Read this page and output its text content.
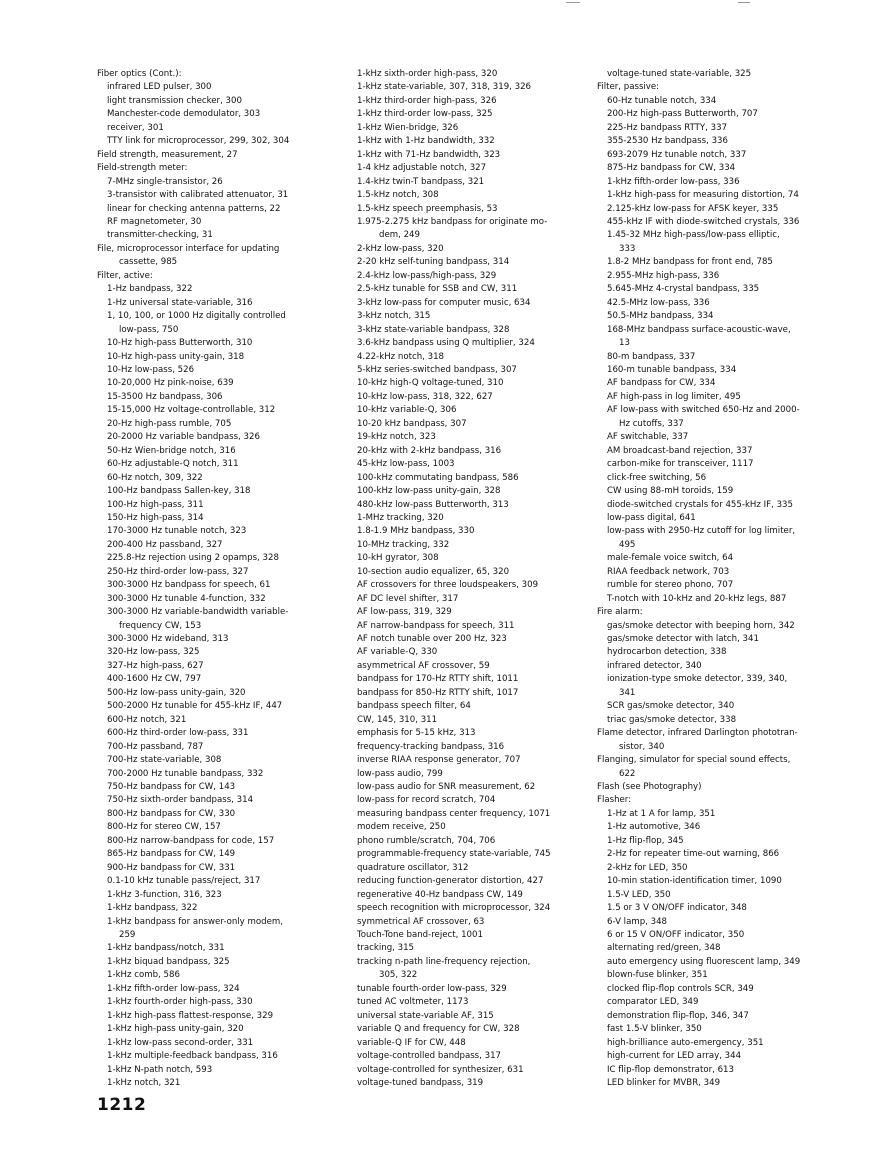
Fiber optics (Cont.):
infrared LED pulser, 300
light transmission checker, 300
Manchester-code demodulator, 303
receiver, 301
TTY link for microprocessor, 299, 302, 304
Field strength, measurement, 27
Field-strength meter:
7-MHz single-transistor, 26
3-transistor with calibrated attenuator, 31
linear for checking antenna patterns, 22
RF magnetometer, 30
transmitter-checking, 31
File, microprocessor interface for updating
cassette, 985
Filter, active:
1-Hz bandpass, 322
1-Hz universal state-variable, 316
1, 10, 100, or 1000 Hz digitally controlled
low-pass, 750
10-Hz high-pass Butterworth, 310
10-Hz high-pass unity-gain, 318
10-Hz low-pass, 526
10-20,000 Hz pink-noise, 639
15-3500 Hz bandpass, 306
15-15,000 Hz voltage-controllable, 312
20-Hz high-pass rumble, 705
20-2000 Hz variable bandpass, 326
50-Hz Wien-bridge notch, 316
60-Hz adjustable-Q notch, 311
60-Hz notch, 309, 322
100-Hz bandpass Sallen-key, 318
100-Hz high-pass, 311
150-Hz high-pass, 314
170-3000 Hz tunable notch, 323
200-400 Hz passband, 327
225.8-Hz rejection using 2 opamps, 328
250-Hz third-order low-pass, 327
300-3000 Hz bandpass for speech, 61
300-3000 Hz tunable 4-function, 332
300-3000 Hz variable-bandwidth variable-
frequency CW, 153
300-3000 Hz wideband, 313
320-Hz low-pass, 325
327-Hz high-pass, 627
400-1600 Hz CW, 797
500-Hz low-pass unity-gain, 320
500-2000 Hz tunable for 455-kHz IF, 447
600-Hz notch, 321
600-Hz third-order low-pass, 331
700-Hz passband, 787
700-Hz state-variable, 308
700-2000 Hz tunable bandpass, 332
750-Hz bandpass for CW, 143
750-Hz sixth-order bandpass, 314
800-Hz bandpass for CW, 330
800-Hz for stereo CW, 157
800-Hz narrow-bandpass for code, 157
865-Hz bandpass for CW, 149
900-Hz bandpass for CW, 331
0.1-10 kHz tunable pass/reject, 317
1-kHz 3-function, 316, 323
1-kHz bandpass, 322
1-kHz bandpass for answer-only modem,
259
1-kHz bandpass/notch, 331
1-kHz biquad bandpass, 325
1-kHz comb, 586
1-kHz fifth-order low-pass, 324
1-kHz fourth-order high-pass, 330
1-kHz high-pass flattest-response, 329
1-kHz high-pass unity-gain, 320
1-kHz low-pass second-order, 331
1-kHz multiple-feedback bandpass, 316
1-kHz N-path notch, 593
1-kHz notch, 321
1-kHz sixth-order high-pass, 320
1-kHz state-variable, 307, 318, 319, 326
1-kHz third-order high-pass, 326
1-kHz third-order low-pass, 325
1-kHz Wien-bridge, 326
1-kHz with 1-Hz bandwidth, 332
1-kHz with 71-Hz bandwidth, 323
1-4 kHz adjustable notch, 327
1.4-kHz twin-T bandpass, 321
1.5-kHz notch, 308
1.5-kHz speech preemphasis, 53
1.975-2.275 kHz bandpass for originate mo-
dem, 249
2-kHz low-pass, 320
2-20 kHz self-tuning bandpass, 314
2.4-kHz low-pass/high-pass, 329
2.5-kHz tunable for SSB and CW, 311
3-kHz low-pass for computer music, 634
3-kHz notch, 315
3-kHz state-variable bandpass, 328
3.6-kHz bandpass using Q multiplier, 324
4.22-kHz notch, 318
5-kHz series-switched bandpass, 307
10-kHz high-Q voltage-tuned, 310
10-kHz low-pass, 318, 322, 627
10-kHz variable-Q, 306
10-20 kHz bandpass, 307
19-kHz notch, 323
20-kHz with 2-kHz bandpass, 316
45-kHz low-pass, 1003
100-kHz commutating bandpass, 586
100-kHz low-pass unity-gain, 328
480-kHz low-pass Butterworth, 313
1-MHz tracking, 320
1.8-1.9 MHz bandpass, 330
10-MHz tracking, 332
10-kH gyrator, 308
10-section audio equalizer, 65, 320
AF crossovers for three loudspeakers, 309
AF DC level shifter, 317
AF low-pass, 319, 329
AF narrow-bandpass for speech, 311
AF notch tunable over 200 Hz, 323
AF variable-Q, 330
asymmetrical AF crossover, 59
bandpass for 170-Hz RTTY shift, 1011
bandpass for 850-Hz RTTY shift, 1017
bandpass speech filter, 64
CW, 145, 310, 311
emphasis for 5-15 kHz, 313
frequency-tracking bandpass, 316
inverse RIAA response generator, 707
low-pass audio, 799
low-pass audio for SNR measurement, 62
low-pass for record scratch, 704
measuring bandpass center frequency, 1071
modem receive, 250
phono rumble/scratch, 704, 706
programmable-frequency state-variable, 745
quadrature oscillator, 312
reducing function-generator distortion, 427
regenerative 40-Hz bandpass CW, 149
speech recognition with microprocessor, 324
symmetrical AF crossover, 63
Touch-Tone band-reject, 1001
tracking, 315
tracking n-path line-frequency rejection,
305, 322
tunable fourth-order low-pass, 329
tuned AC voltmeter, 1173
universal state-variable AF, 315
variable Q and frequency for CW, 328
variable-Q IF for CW, 448
voltage-controlled bandpass, 317
voltage-controlled for synthesizer, 631
voltage-tuned bandpass, 319
voltage-tuned state-variable, 325
Filter, passive:
60-Hz tunable notch, 334
200-Hz high-pass Butterworth, 707
225-Hz bandpass RTTY, 337
355-2530 Hz bandpass, 336
693-2079 Hz tunable notch, 337
875-Hz bandpass for CW, 334
1-kHz fifth-order low-pass, 336
1-kHz high-pass for measuring distortion, 74
2.125-kHz low-pass for AFSK keyer, 335
455-kHz IF with diode-switched crystals, 336
1.45-32 MHz high-pass/low-pass elliptic,
333
1.8-2 MHz bandpass for front end, 785
2.955-MHz high-pass, 336
5.645-MHz 4-crystal bandpass, 335
42.5-MHz low-pass, 336
50.5-MHz bandpass, 334
168-MHz bandpass surface-acoustic-wave,
13
80-m bandpass, 337
160-m tunable bandpass, 334
AF bandpass for CW, 334
AF high-pass in log limiter, 495
AF low-pass with switched 650-Hz and 2000-
Hz cutoffs, 337
AF switchable, 337
AM broadcast-band rejection, 337
carbon-mike for transceiver, 1117
click-free switching, 56
CW using 88-mH toroids, 159
diode-switched crystals for 455-kHz IF, 335
low-pass digital, 641
low-pass with 2950-Hz cutoff for log limiter,
495
male-female voice switch, 64
RIAA feedback network, 703
rumble for stereo phono, 707
T-notch with 10-kHz and 20-kHz legs, 887
Fire alarm:
gas/smoke detector with beeping horn, 342
gas/smoke detector with latch, 341
hydrocarbon detection, 338
infrared detector, 340
ionization-type smoke detector, 339, 340,
341
SCR gas/smoke detector, 340
triac gas/smoke detector, 338
Flame detector, infrared Darlington phototran-
sistor, 340
Flanging, simulator for special sound effects,
622
Flash (see Photography)
Flasher:
1-Hz at 1 A for lamp, 351
1-Hz automotive, 346
1-Hz flip-flop, 345
2-Hz for repeater time-out warning, 866
2-kHz for LED, 350
10-min station-identification timer, 1090
1.5-V LED, 350
1.5 or 3 V ON/OFF indicator, 348
6-V lamp, 348
6 or 15 V ON/OFF indicator, 350
alternating red/green, 348
auto emergency using fluorescent lamp, 349
blown-fuse blinker, 351
clocked flip-flop controls SCR, 349
comparator LED, 349
demonstration flip-flop, 346, 347
fast 1.5-V blinker, 350
high-brilliance auto-emergency, 351
high-current for LED array, 344
IC flip-flop demonstrator, 613
LED blinker for MVBR, 349
1212
